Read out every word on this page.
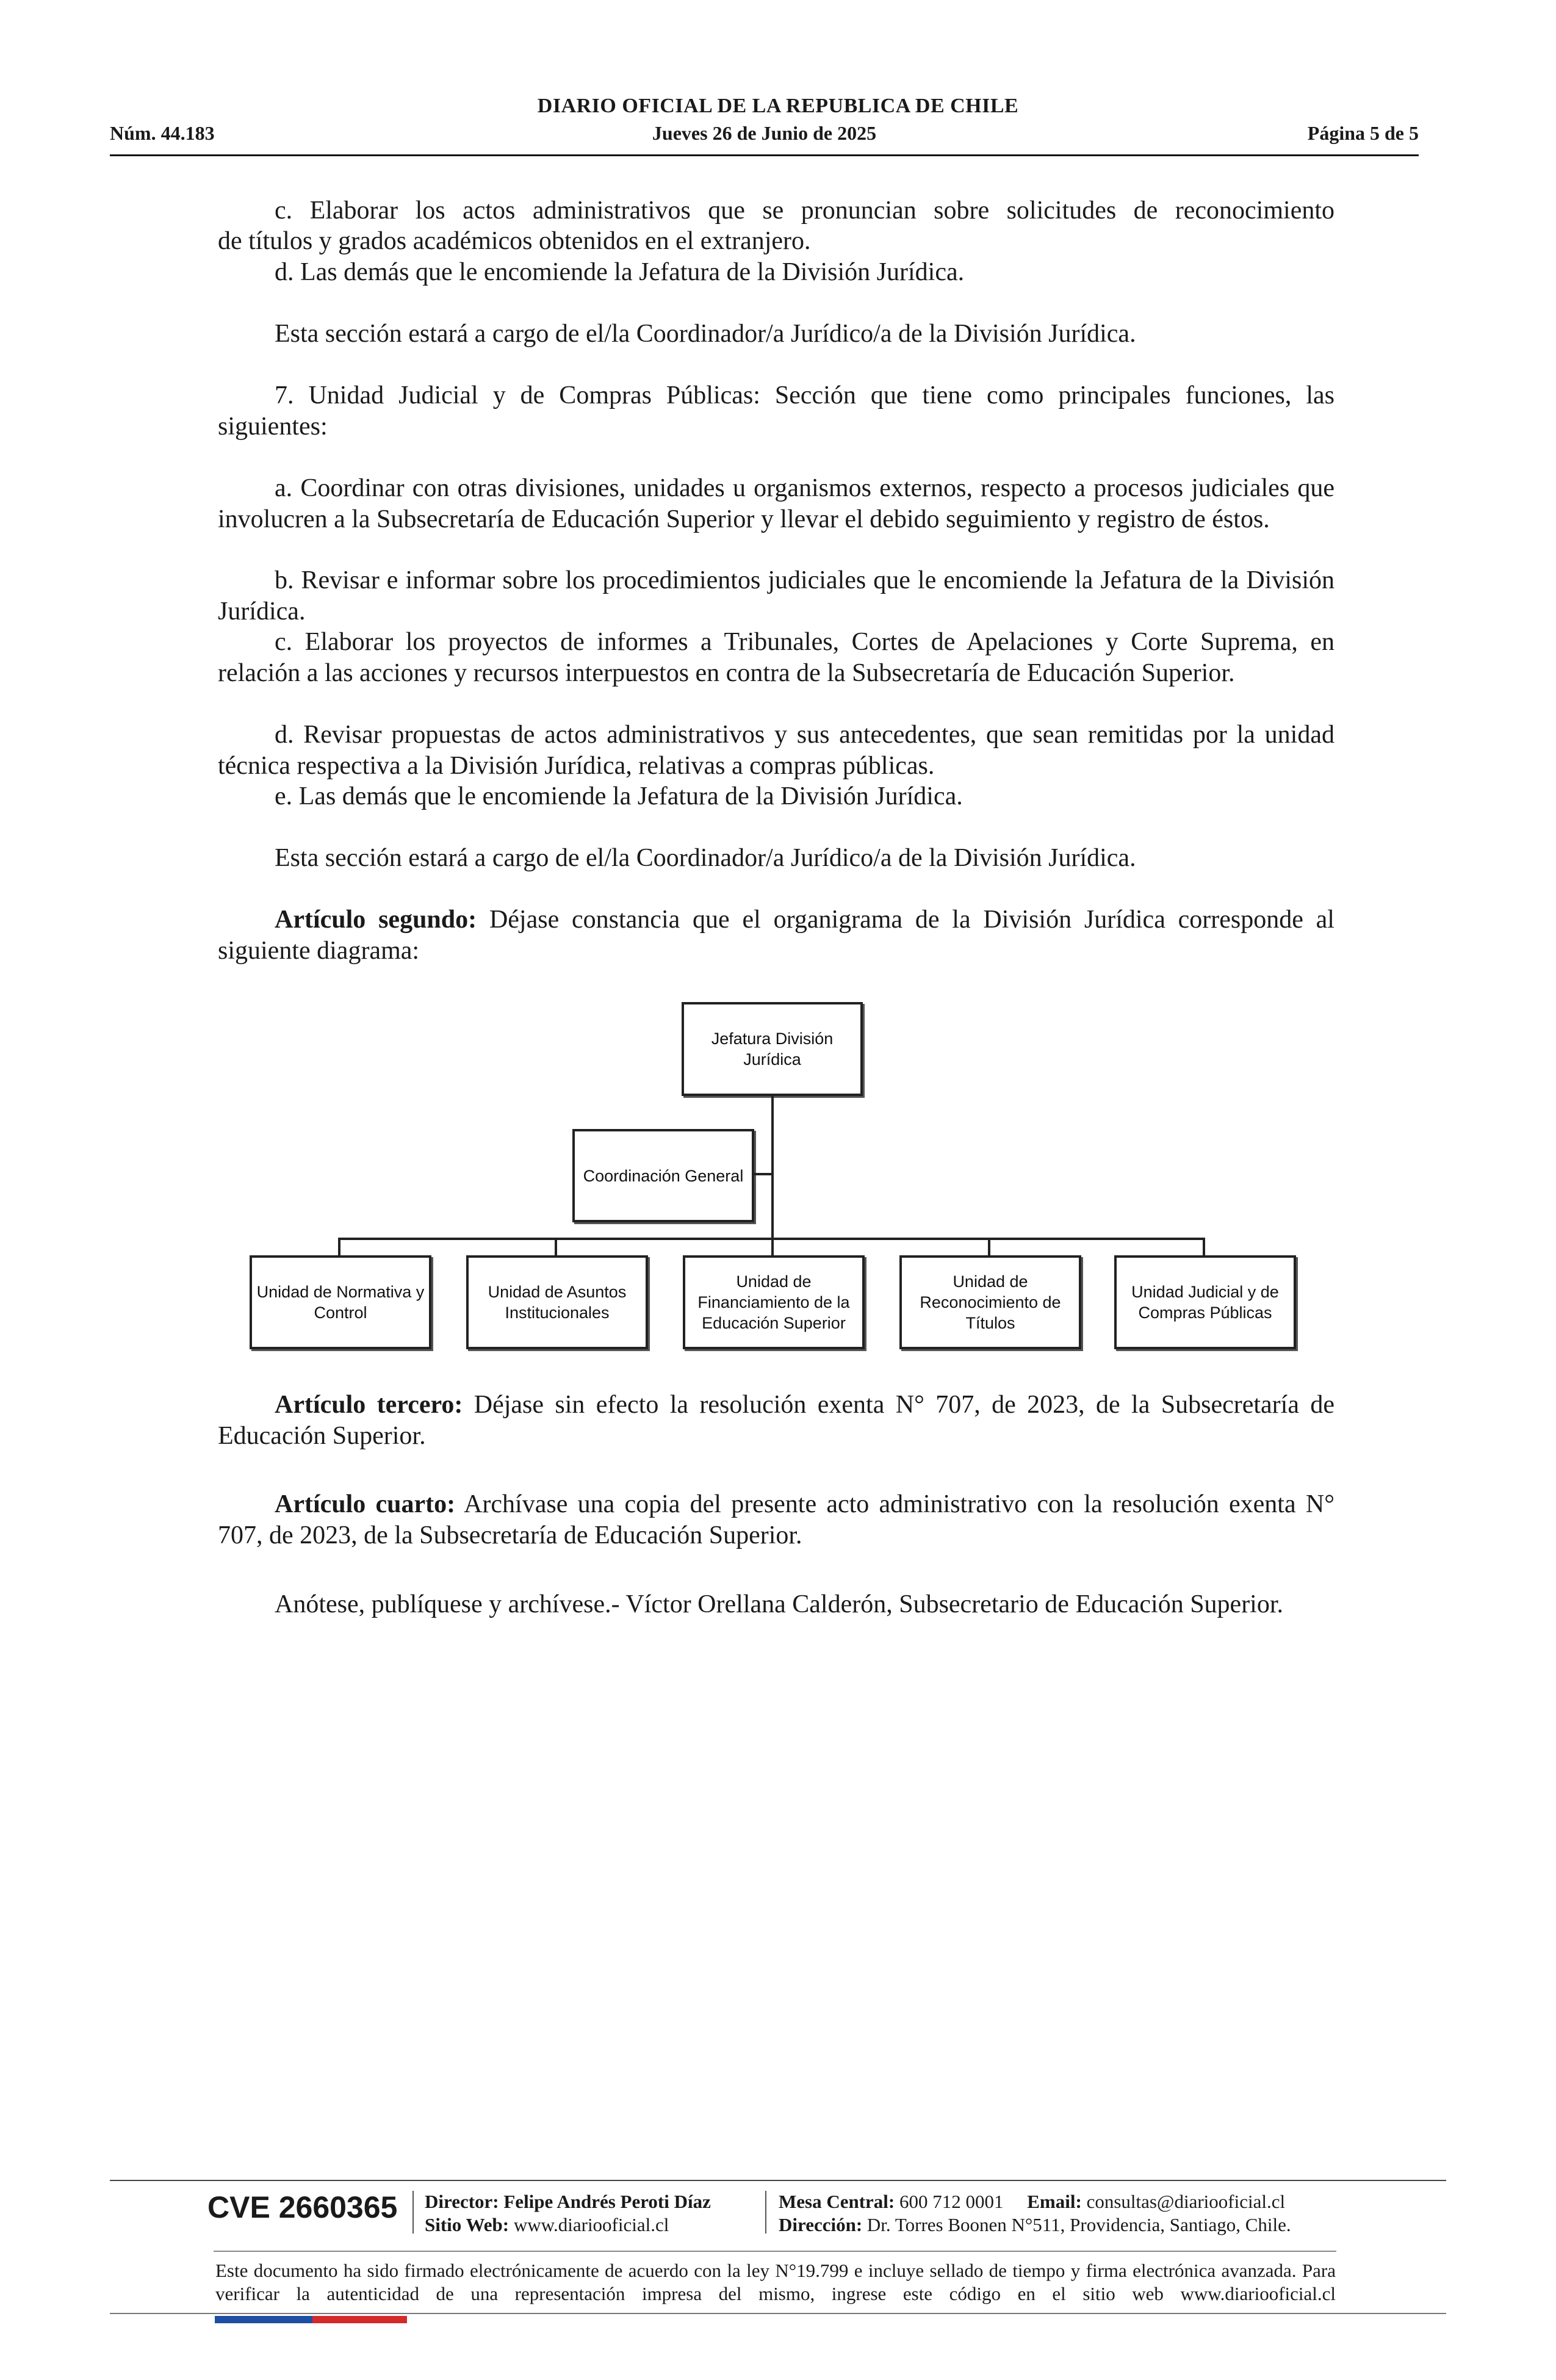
DIARIO OFICIAL DE LA REPUBLICA DE CHILE
Núm. 44.183	Jueves 26 de Junio de 2025	Página 5 de 5
c. Elaborar los actos administrativos que se pronuncian sobre solicitudes de reconocimiento
de títulos y grados académicos obtenidos en el extranjero.
d. Las demás que le encomiende la Jefatura de la División Jurídica.
Esta sección estará a cargo de el/la Coordinador/a Jurídico/a de la División Jurídica.
7. Unidad Judicial y de Compras Públicas: Sección que tiene como principales funciones, las siguientes:
a. Coordinar con otras divisiones, unidades u organismos externos, respecto a procesos judiciales que involucren a la Subsecretaría de Educación Superior y llevar el debido seguimiento y registro de éstos.
b. Revisar e informar sobre los procedimientos judiciales que le encomiende la Jefatura de la División Jurídica.
c. Elaborar los proyectos de informes a Tribunales, Cortes de Apelaciones y Corte Suprema, en relación a las acciones y recursos interpuestos en contra de la Subsecretaría de Educación Superior.
d. Revisar propuestas de actos administrativos y sus antecedentes, que sean remitidas por la unidad técnica respectiva a la División Jurídica, relativas a compras públicas.
e. Las demás que le encomiende la Jefatura de la División Jurídica.
Esta sección estará a cargo de el/la Coordinador/a Jurídico/a de la División Jurídica.
Artículo segundo: Déjase constancia que el organigrama de la División Jurídica corresponde al siguiente diagrama:
Jefatura División Jurídica
Coordinación General
Unidad de Normativa y Control
Unidad de Asuntos Institucionales
Unidad de Financiamiento de la Educación Superior
Unidad de Reconocimiento de Títulos
Unidad Judicial y de Compras Públicas
Artículo tercero: Déjase sin efecto la resolución exenta N° 707, de 2023, de la Subsecretaría de Educación Superior.
Artículo cuarto: Archívase una copia del presente acto administrativo con la resolución exenta N° 707, de 2023, de la Subsecretaría de Educación Superior.
Anótese, publíquese y archívese.- Víctor Orellana Calderón, Subsecretario de Educación Superior.
CVE 2660365 Director: Felipe Andrés Peroti Díaz
Sitio Web: www.diariooficial.cl
Mesa Central: 600 712 0001 Email: consultas@diariooficial.cl
Dirección: Dr. Torres Boonen N°511, Providencia, Santiago, Chile.
Este documento ha sido firmado electrónicamente de acuerdo con la ley N°19.799 e incluye sellado de tiempo y firma electrónica avanzada. Para verificar la autenticidad de una representación impresa del mismo, ingrese este código en el sitio web www.diariooficial.cl
